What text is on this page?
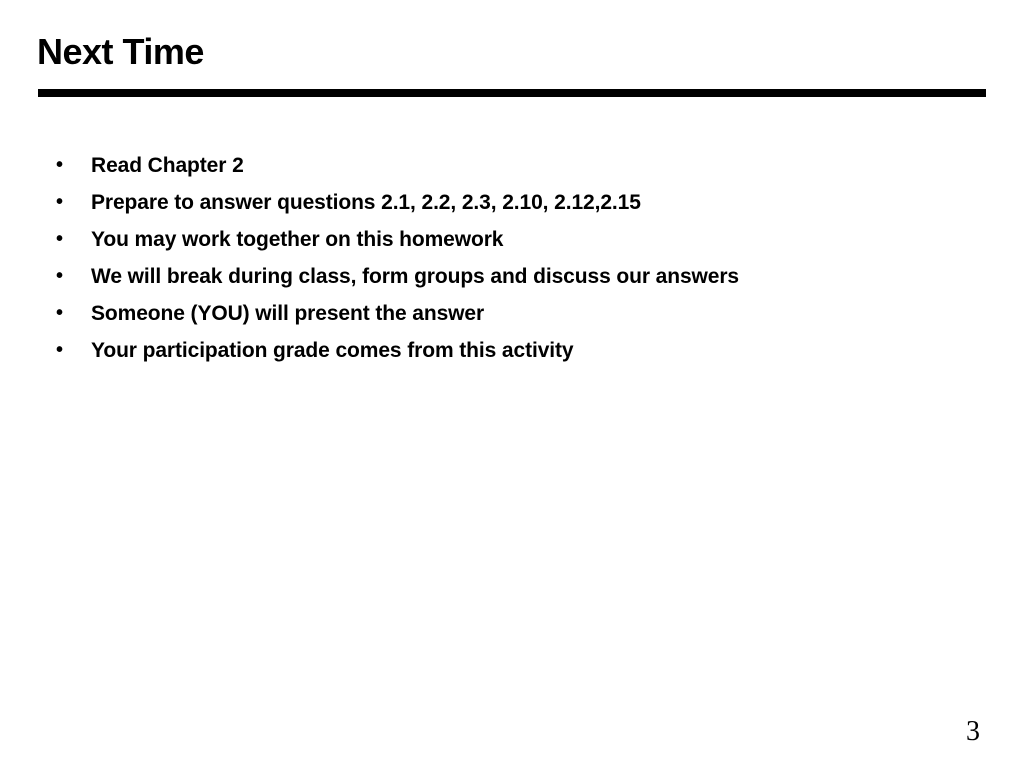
Next Time
•	Read Chapter 2
•	Prepare to answer questions 2.1, 2.2, 2.3, 2.10, 2.12,2.15
•	You may work together on this homework
•	We will break during class, form groups and discuss our answers
•	Someone (YOU) will present the answer
•	Your participation grade comes from this activity
3
